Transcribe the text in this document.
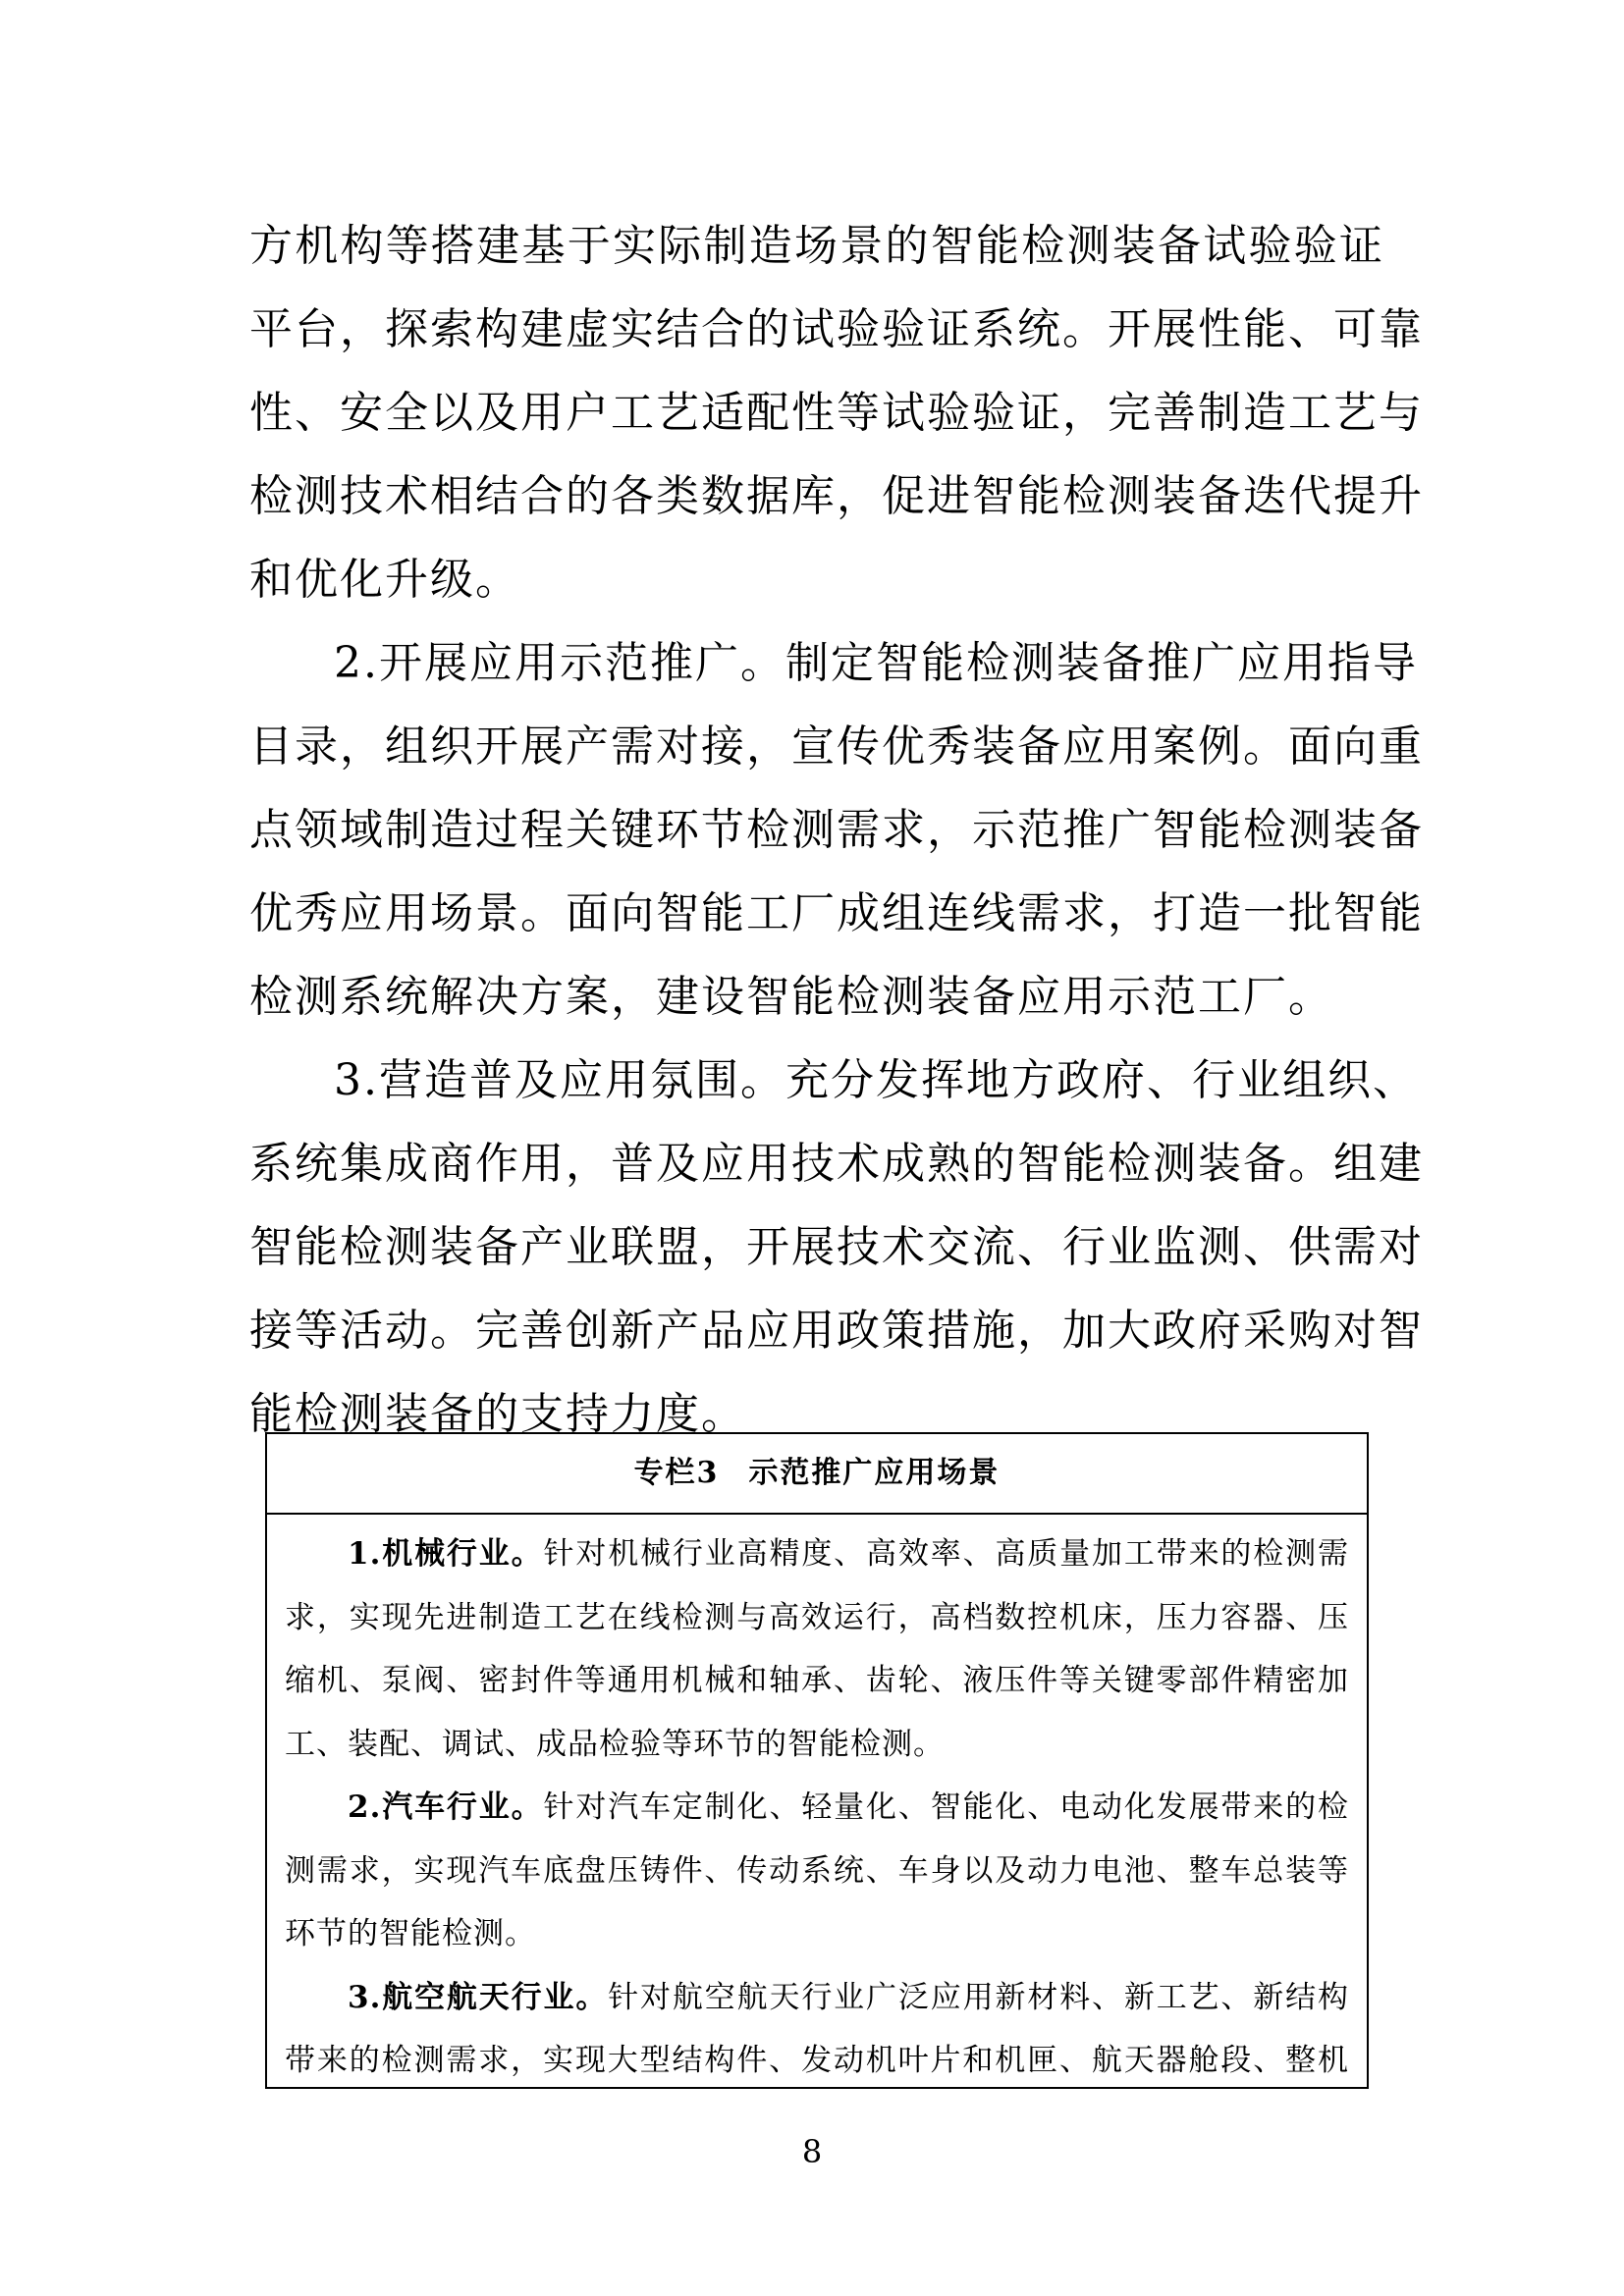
方机构等搭建基于实际制造场景的智能检测装备试验验证
平台，探索构建虚实结合的试验验证系统。开展性能、可靠
性、安全以及用户工艺适配性等试验验证，完善制造工艺与
检测技术相结合的各类数据库，促进智能检测装备迭代提升
和优化升级。
2.开展应用示范推广。制定智能检测装备推广应用指导
目录，组织开展产需对接，宣传优秀装备应用案例。面向重
点领域制造过程关键环节检测需求，示范推广智能检测装备
优秀应用场景。面向智能工厂成组连线需求，打造一批智能
检测系统解决方案，建设智能检测装备应用示范工厂。
3.营造普及应用氛围。充分发挥地方政府、行业组织、
系统集成商作用，普及应用技术成熟的智能检测装备。组建
智能检测装备产业联盟，开展技术交流、行业监测、供需对
接等活动。完善创新产品应用政策措施，加大政府采购对智
能检测装备的支持力度。
专栏3 示范推广应用场景
1.机械行业。针对机械行业高精度、高效率、高质量加工带来的检测需
求，实现先进制造工艺在线检测与高效运行，高档数控机床，压力容器、压
缩机、泵阀、密封件等通用机械和轴承、齿轮、液压件等关键零部件精密加
工、装配、调试、成品检验等环节的智能检测。
2.汽车行业。针对汽车定制化、轻量化、智能化、电动化发展带来的检
测需求，实现汽车底盘压铸件、传动系统、车身以及动力电池、整车总装等
环节的智能检测。
3.航空航天行业。针对航空航天行业广泛应用新材料、新工艺、新结构
带来的检测需求，实现大型结构件、发动机叶片和机匣、航天器舱段、整机
8
